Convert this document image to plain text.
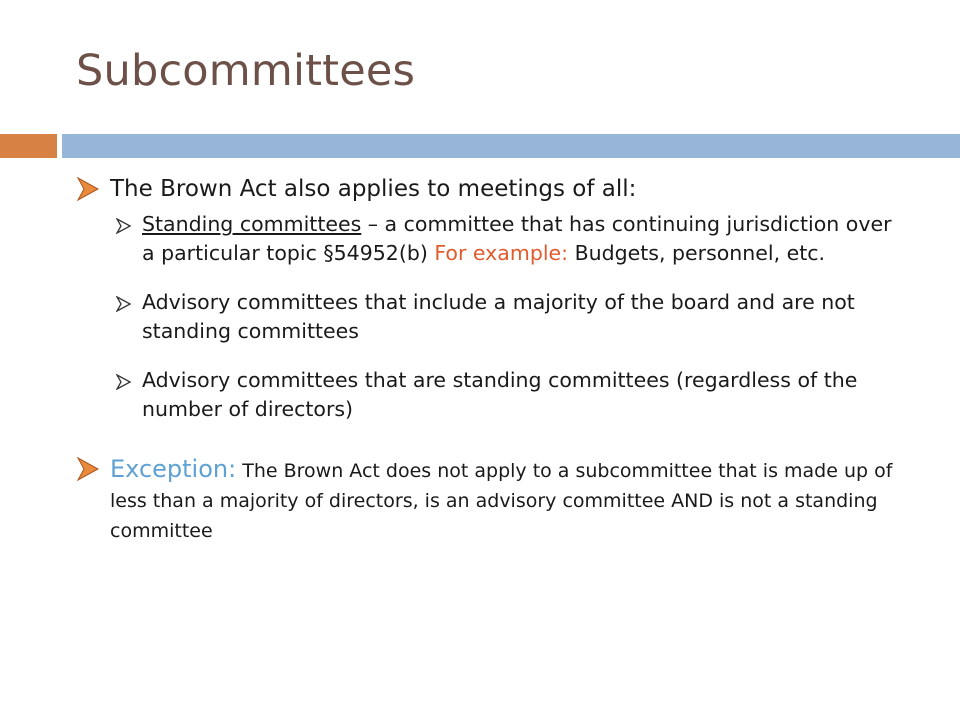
Subcommittees
The Brown Act also applies to meetings of all:
Standing committees – a committee that has continuing jurisdiction over a particular topic §54952(b) For example: Budgets, personnel, etc.
Advisory committees that include a majority of the board and are not standing committees
Advisory committees that are standing committees (regardless of the number of directors)
Exception: The Brown Act does not apply to a subcommittee that is made up of less than a majority of directors, is an advisory committee AND is not a standing committee
